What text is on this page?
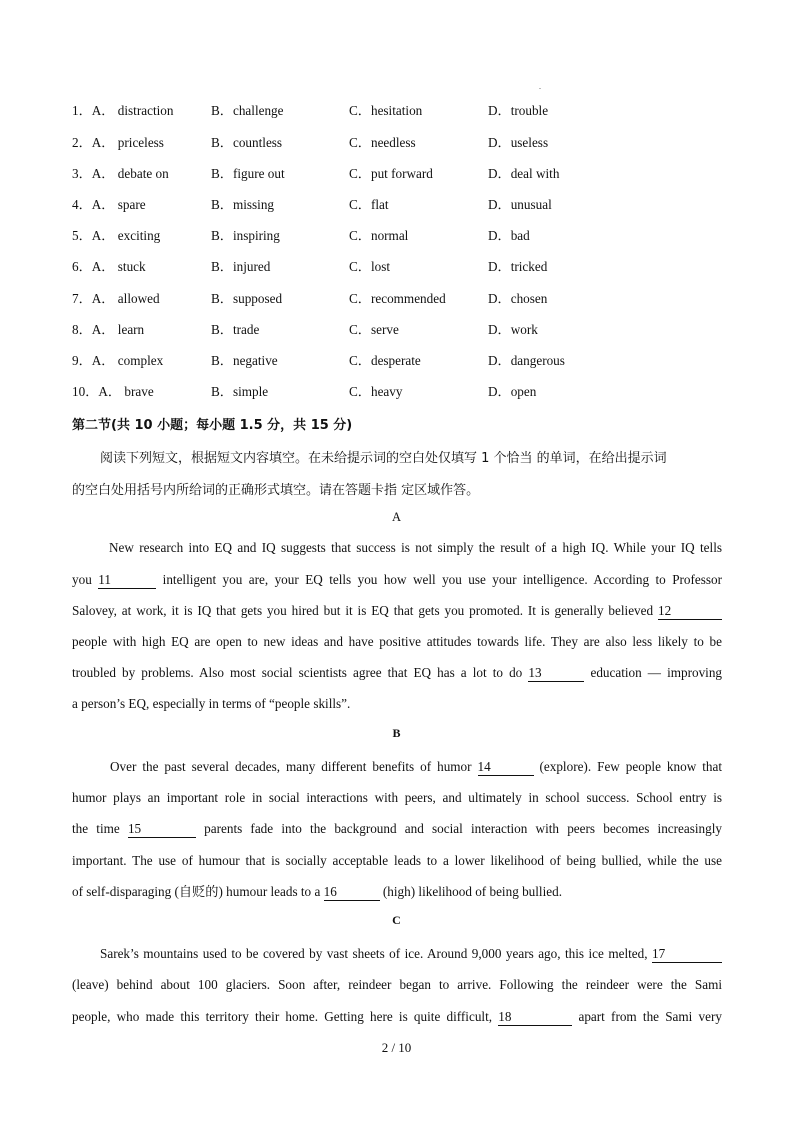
1．A． distraction	B．challenge	C．hesitation	D．trouble
2．A． priceless	B．countless	C．needless	D．useless
3．A． debate on	B．figure out	C．put forward	D．deal with
4．A． spare	B．missing	C．flat	D．unusual
5．A． exciting	B．inspiring	C．normal	D．bad
6．A． stuck	B．injured	C．lost	D．tricked
7．A． allowed	B．supposed	C．recommended	D．chosen
8．A． learn	B．trade	C．serve	D．work
9．A． complex	B．negative	C．desperate	D．dangerous
10．A． brave	B．simple	C．heavy	D．open
第二节(共 10 小题；每小题 1.5 分，共 15 分)
阅读下列短文，根据短文内容填空。在未给提示词的空白处仅填写 1 个恰当 的单词，在给出提示词
的空白处用括号内所给词的正确形式填空。请在答题卡指 定区域作答。
A
New research into EQ and IQ suggests that success is not simply the result of a high IQ. While your IQ tells
you 11	intelligent you are, your EQ tells you how well you use your intelligence. According to Professor
Salovey, at work, it is IQ that gets you hired but it is EQ that gets you promoted. It is generally believed 12
people with high EQ are open to new ideas and have positive attitudes towards life. They are also less likely to be
troubled by problems. Also most social scientists agree that EQ has a lot to do 13	education — improving
a person’s EQ, especially in terms of “people skills”.
B
Over the past several decades, many different benefits of humor 14	(explore). Few people know that
humor plays an important role in social interactions with peers, and ultimately in school success. School entry is
the time 15	parents fade into the background and social interaction with peers becomes increasingly
important. The use of humour that is socially acceptable leads to a lower likelihood of being bullied, while the use
of self-disparaging (自贬的) humour leads to a 16	(high) likelihood of being bullied.
C
Sarek’s mountains used to be covered by vast sheets of ice. Around 9,000 years ago, this ice melted, 17
(leave) behind about 100 glaciers. Soon after, reindeer began to arrive. Following the reindeer were the Sami
people, who made this territory their home. Getting here is quite difficult, 18	apart from the Sami very
2 / 10
